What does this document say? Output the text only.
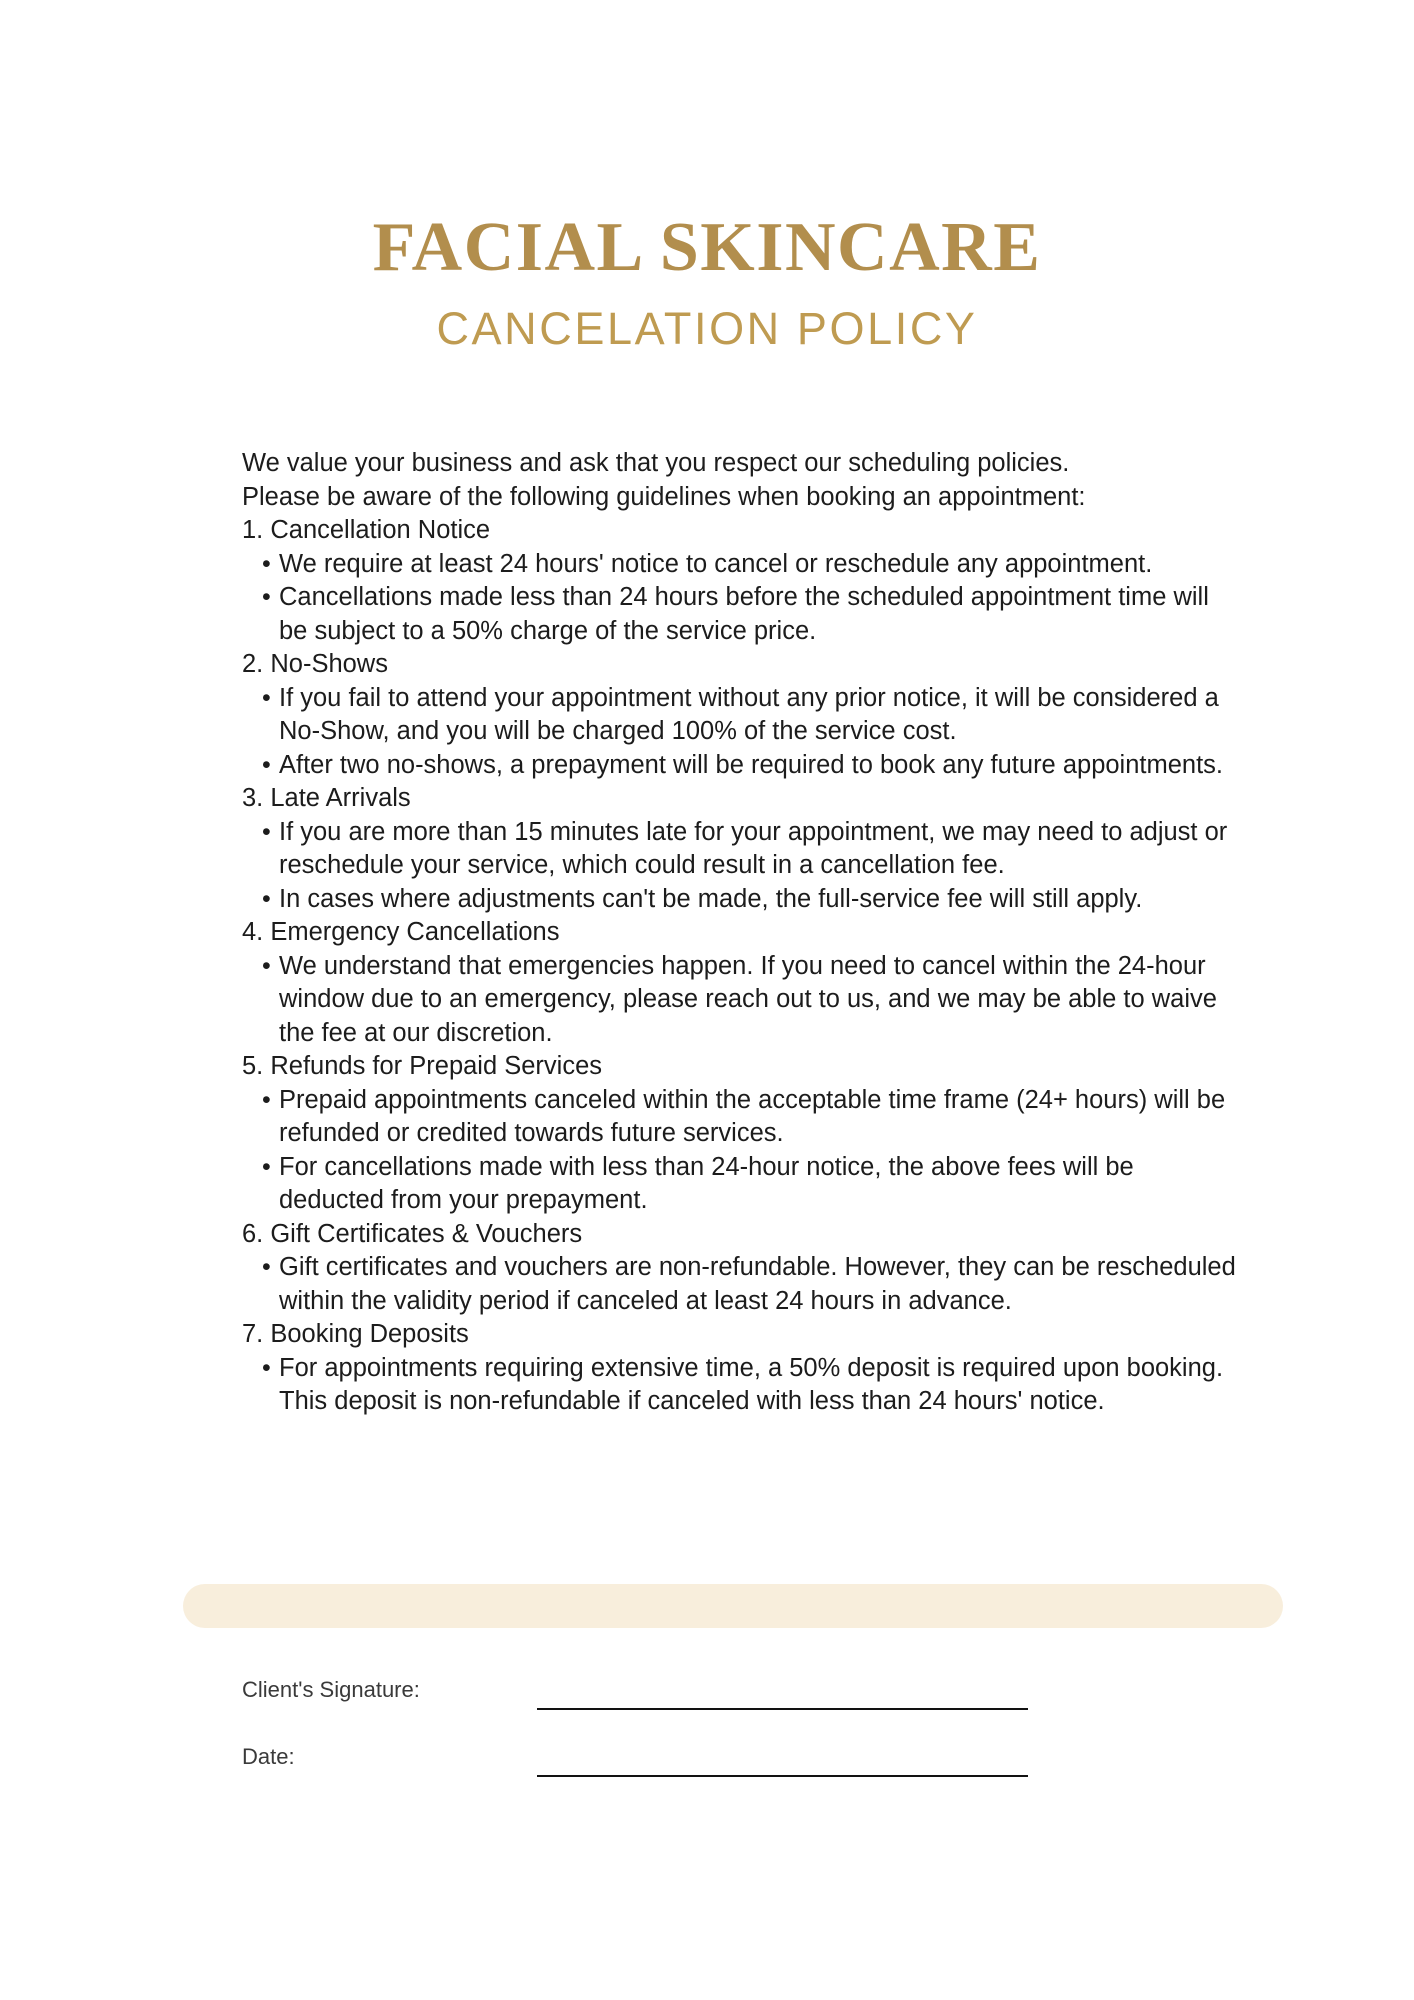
FACIAL SKINCARE
CANCELATION POLICY

We value your business and ask that you respect our scheduling policies.

Please be aware of the following guidelines when booking an appointment:

1. Cancellation Notice

• We require at least 24 hours' notice to cancel or reschedule any appointment.
• Cancellations made less than 24 hours before the scheduled appointment time will be subject to a 50% charge of the service price.

2. No-Shows

• If you fail to attend your appointment without any prior notice, it will be considered a No-Show, and you will be charged 100% of the service cost.
• After two no-shows, a prepayment will be required to book any future appointments.

3. Late Arrivals

• If you are more than 15 minutes late for your appointment, we may need to adjust or reschedule your service, which could result in a cancellation fee.
• In cases where adjustments can't be made, the full-service fee will still apply.

4. Emergency Cancellations

• We understand that emergencies happen. If you need to cancel within the 24-hour window due to an emergency, please reach out to us, and we may be able to waive the fee at our discretion.

5. Refunds for Prepaid Services

• Prepaid appointments canceled within the acceptable time frame (24+ hours) will be refunded or credited towards future services.
• For cancellations made with less than 24-hour notice, the above fees will be deducted from your prepayment.

6. Gift Certificates & Vouchers

• Gift certificates and vouchers are non-refundable. However, they can be rescheduled within the validity period if canceled at least 24 hours in advance.

7. Booking Deposits

• For appointments requiring extensive time, a 50% deposit is required upon booking. This deposit is non-refundable if canceled with less than 24 hours' notice.
Client's Signature:
Date:
